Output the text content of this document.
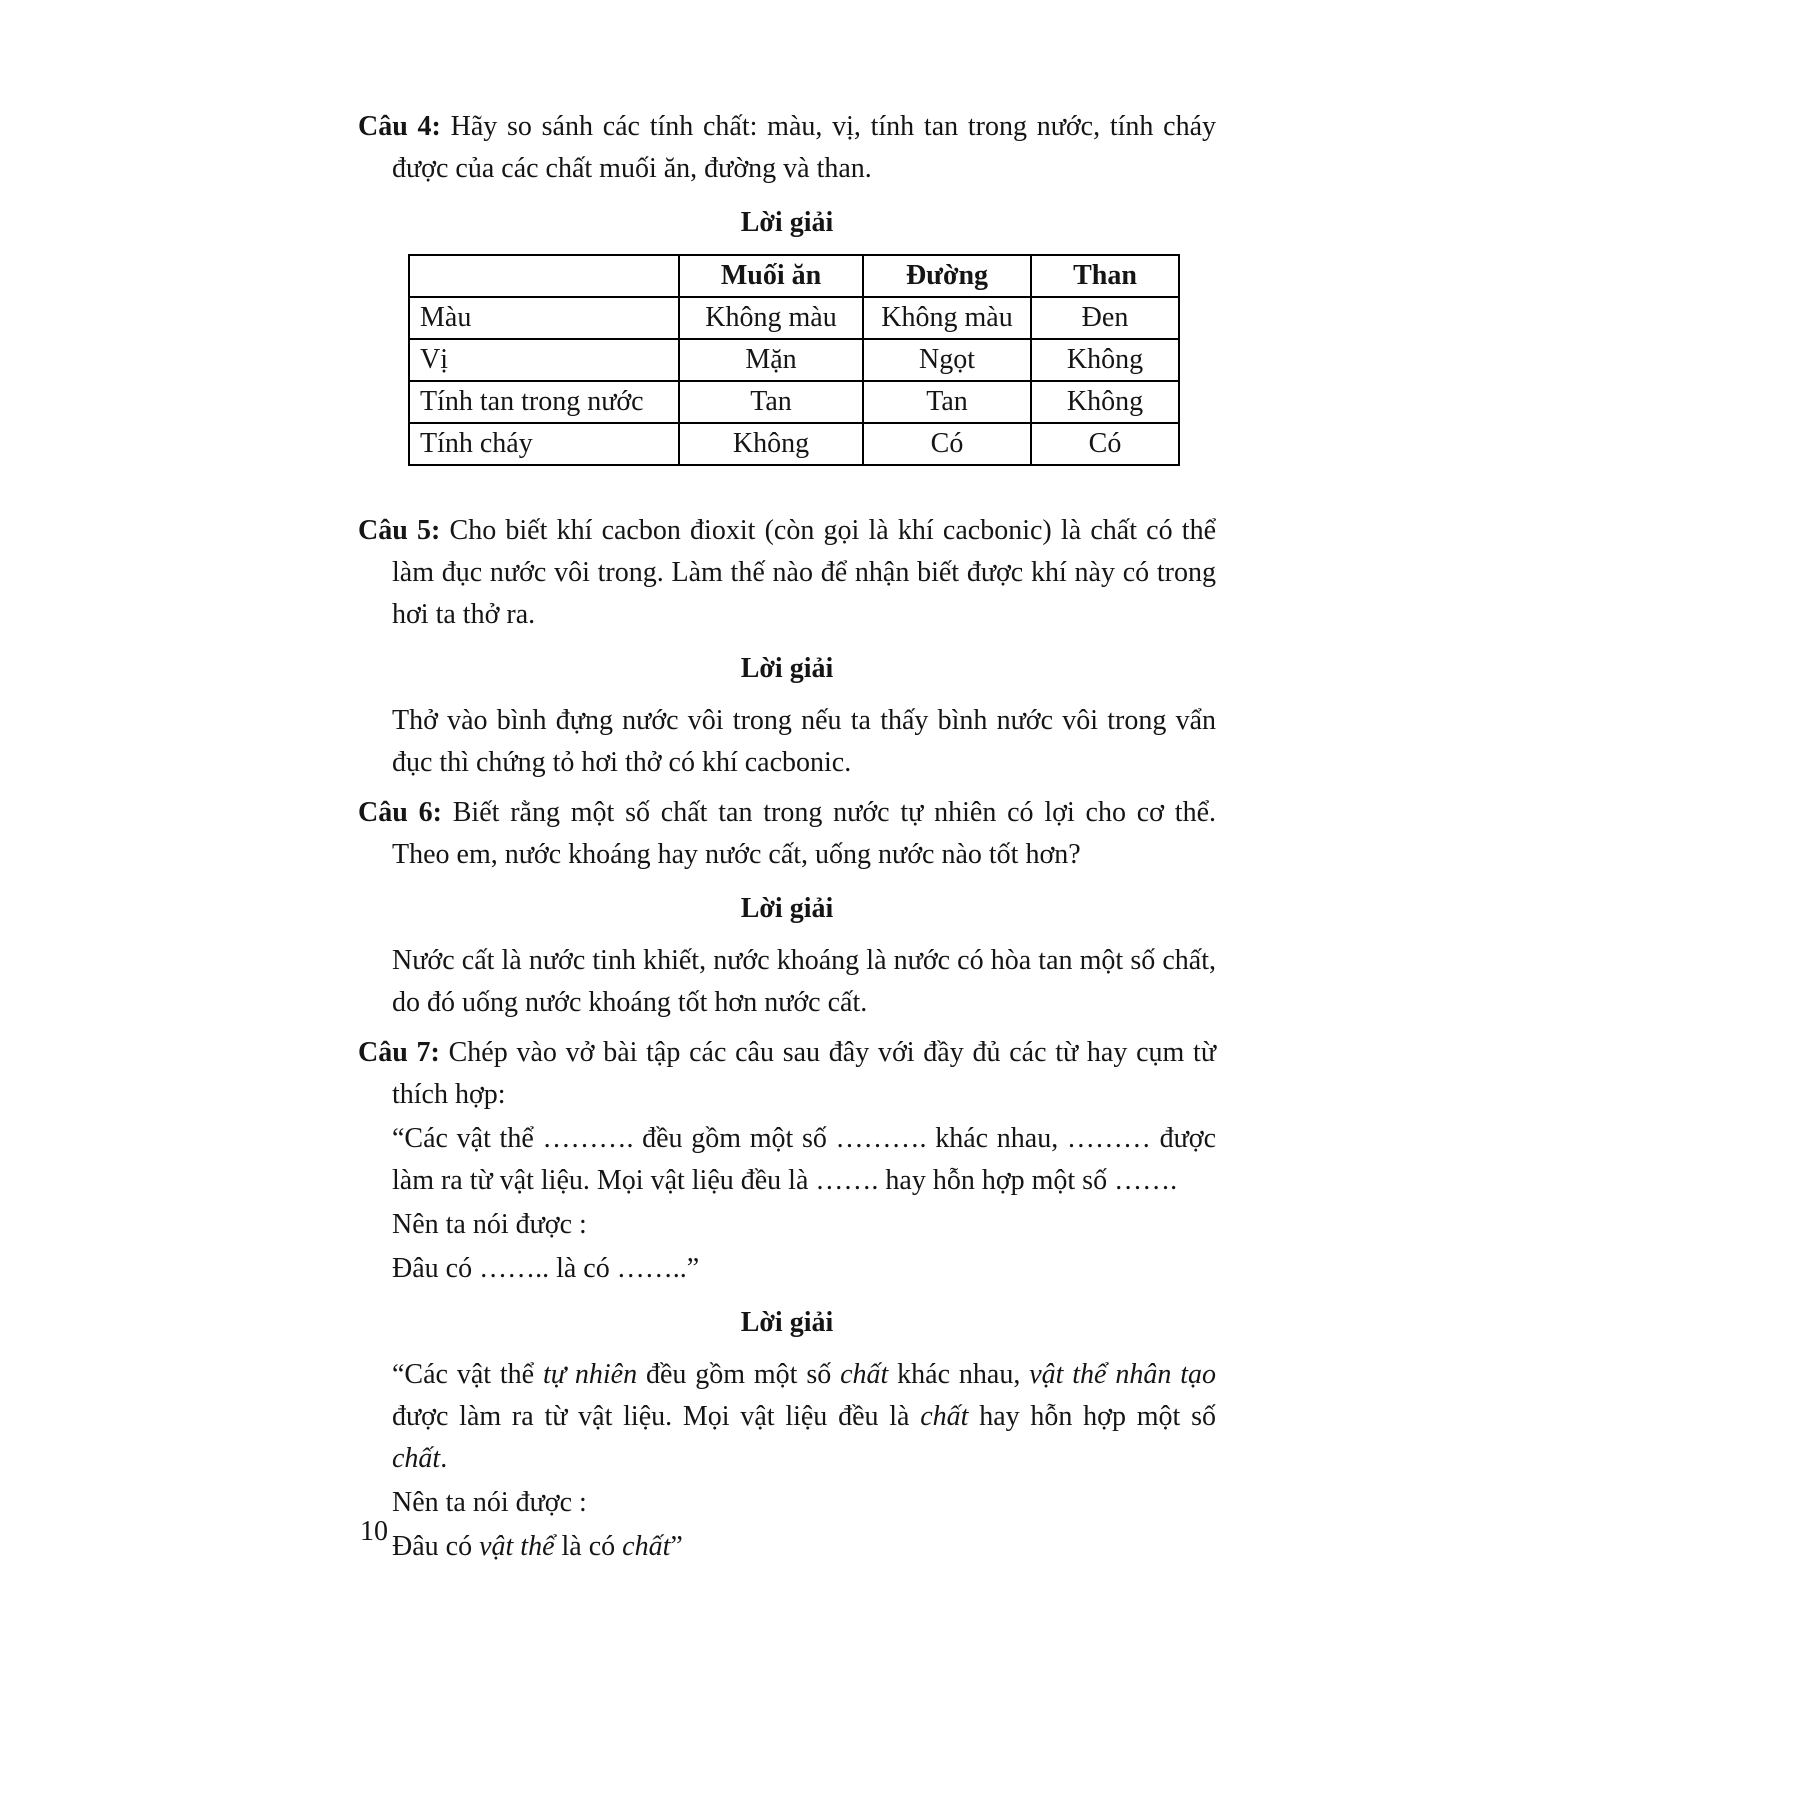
Câu 4: Hãy so sánh các tính chất: màu, vị, tính tan trong nước, tính cháy được của các chất muối ăn, đường và than.

Lời giải
	Muối ăn	Đường	Than
Màu	Không màu	Không màu	Đen
Vị	Mặn	Ngọt	Không
Tính tan trong nước	Tan	Tan	Không
Tính cháy	Không	Có	Có

Câu 5: Cho biết khí cacbon đioxit (còn gọi là khí cacbonic) là chất có thể làm đục nước vôi trong. Làm thế nào để nhận biết được khí này có trong hơi ta thở ra.

Lời giải

Thở vào bình đựng nước vôi trong nếu ta thấy bình nước vôi trong vẩn đục thì chứng tỏ hơi thở có khí cacbonic.

Câu 6: Biết rằng một số chất tan trong nước tự nhiên có lợi cho cơ thể. Theo em, nước khoáng hay nước cất, uống nước nào tốt hơn?

Lời giải

Nước cất là nước tinh khiết, nước khoáng là nước có hòa tan một số chất, do đó uống nước khoáng tốt hơn nước cất.

Câu 7: Chép vào vở bài tập các câu sau đây với đầy đủ các từ hay cụm từ thích hợp:

“Các vật thể ………. đều gồm một số ………. khác nhau, ……… được làm ra từ vật liệu. Mọi vật liệu đều là ……. hay hỗn hợp một số …….

Nên ta nói được :

Đâu có …….. là có ……..”

Lời giải

“Các vật thể tự nhiên đều gồm một số chất khác nhau, vật thể nhân tạo được làm ra từ vật liệu. Mọi vật liệu đều là chất hay hỗn hợp một số chất.

Nên ta nói được :

Đâu có vật thể là có chất”

10
